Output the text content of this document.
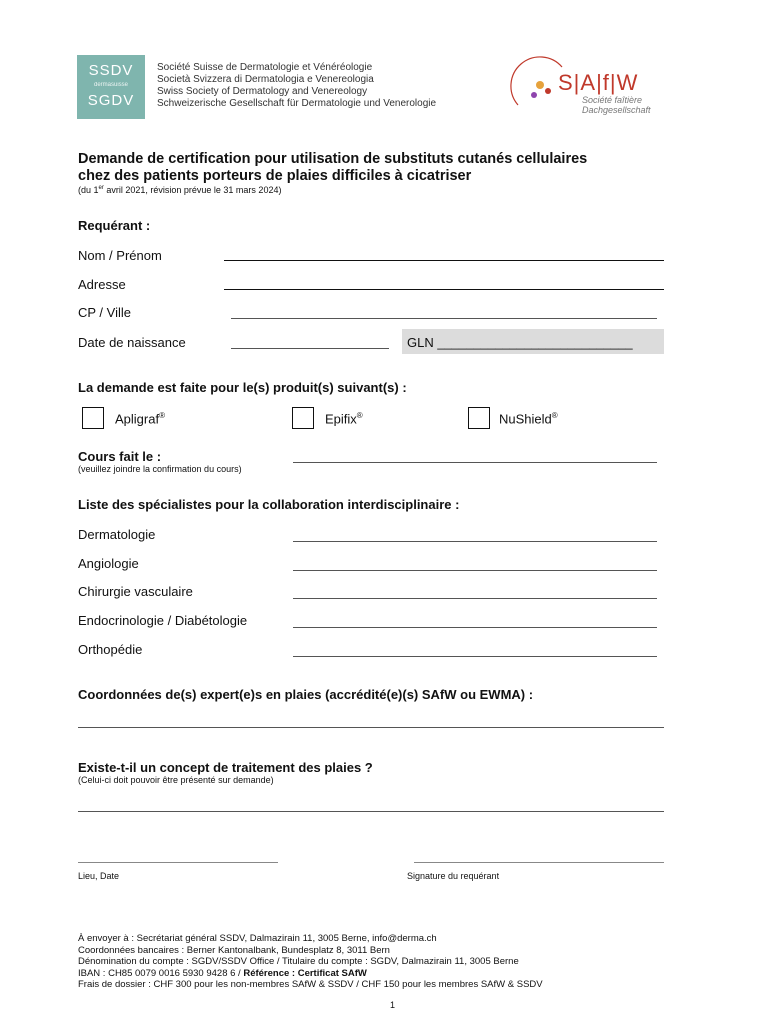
SSDV
dermasuisse
SGDV
Société Suisse de Dermatologie et Vénéréologie
Società Svizzera di Dermatologia e Venereologia
Swiss Society of Dermatology and Venereology
Schweizerische Gesellschaft für Dermatologie und Venerologie
S|A|f|W
Société faîtière
Dachgesellschaft
Demande de certification pour utilisation de substituts cutanés cellulaires
chez des patients porteurs de plaies difficiles à cicatriser
(du 1er avril 2021, révision prévue le 31 mars 2024)
Requérant :
Nom / Prénom
Adresse
CP / Ville
Date de naissance	GLN ___________________________
La demande est faite pour le(s) produit(s) suivant(s) :
Apligraf®	Epifix®	NuShield®
Cours fait le :
(veuillez joindre la confirmation du cours)
Liste des spécialistes pour la collaboration interdisciplinaire :
Dermatologie
Angiologie
Chirurgie vasculaire
Endocrinologie / Diabétologie
Orthopédie
Coordonnées de(s) expert(e)s en plaies (accrédité(e)(s) SAfW ou EWMA) :
Existe-t-il un concept de traitement des plaies ?
(Celui-ci doit pouvoir être présenté sur demande)
Lieu, Date	Signature du requérant
À envoyer à : Secrétariat général SSDV, Dalmazirain 11, 3005 Berne, info@derma.ch
Coordonnées bancaires : Berner Kantonalbank, Bundesplatz 8, 3011 Bern
Dénomination du compte : SGDV/SSDV Office / Titulaire du compte : SGDV, Dalmazirain 11, 3005 Berne
IBAN : CH85 0079 0016 5930 9428 6 / Référence : Certificat SAfW
Frais de dossier : CHF 300 pour les non-membres SAfW & SSDV / CHF 150 pour les membres SAfW & SSDV
1
